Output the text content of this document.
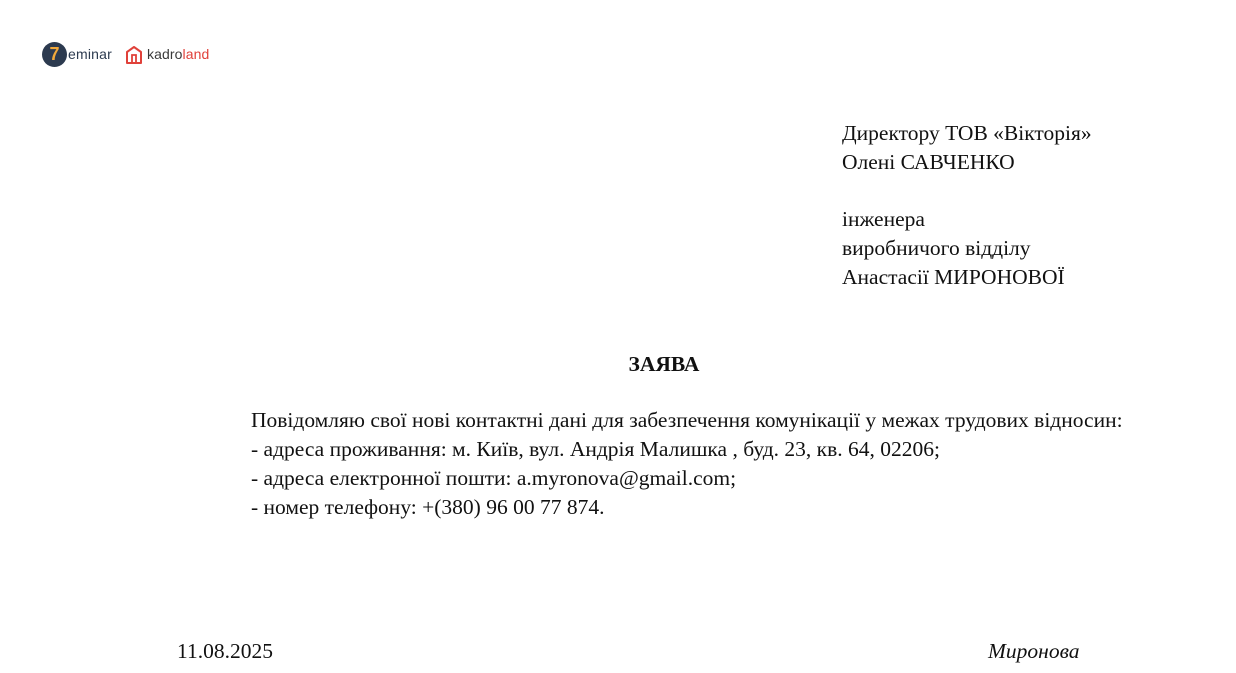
7 eminar	kadroland
Директору ТОВ «Вікторія»
Олені САВЧЕНКО
інженера
виробничого відділу
Анастасії МИРОНОВОЇ
ЗАЯВА

Повідомляю свої нові контактні дані для забезпечення комунікації у межах трудових відносин:

- адреса проживання: м. Київ, вул. Андрія Малишка , буд. 23, кв. 64, 02206;

- адреса електронної пошти: a.myronova@gmail.com;

- номер телефону: +(380) 96 00 77 874.

11.08.2025	Миронова
